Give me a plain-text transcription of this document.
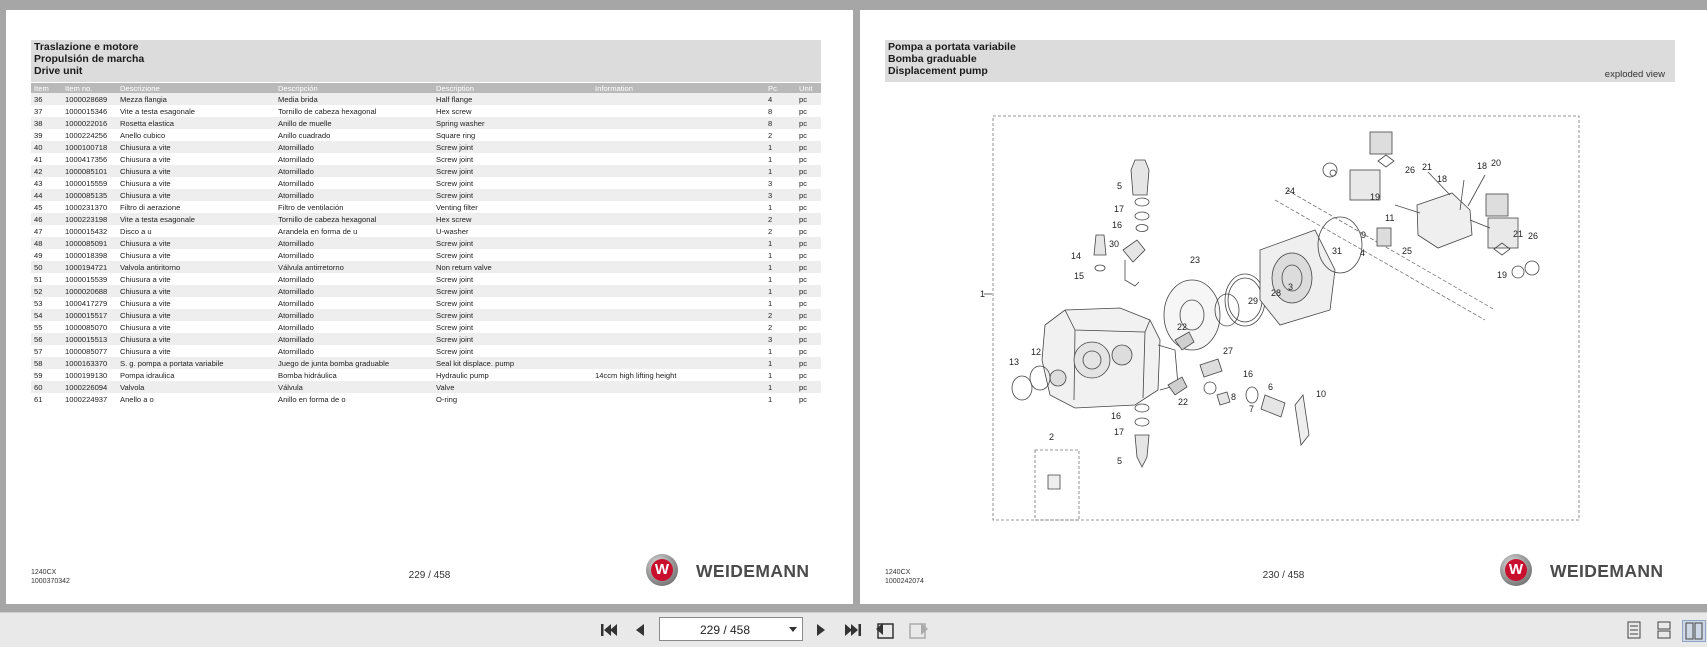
Traslazione e motore
Propulsión de marcha
Drive unit
Item	Item no.	Descrizione	Descripción	Description	Information	Pc.	Unit
36	1000028689	Mezza flangia	Media brida	Half flange		4	pc
37	1000015346	Vite a testa esagonale	Tornillo de cabeza hexagonal	Hex screw		8	pc
38	1000022016	Rosetta elastica	Anillo de muelle	Spring washer		8	pc
39	1000224256	Anello cubico	Anillo cuadrado	Square ring		2	pc
40	1000100718	Chiusura a vite	Atornillado	Screw joint		1	pc
41	1000417356	Chiusura a vite	Atornillado	Screw joint		1	pc
42	1000085101	Chiusura a vite	Atornillado	Screw joint		1	pc
43	1000015559	Chiusura a vite	Atornillado	Screw joint		3	pc
44	1000085135	Chiusura a vite	Atornillado	Screw joint		3	pc
45	1000231370	Filtro di aerazione	Filtro de ventilación	Venting filter		1	pc
46	1000223198	Vite a testa esagonale	Tornillo de cabeza hexagonal	Hex screw		2	pc
47	1000015432	Disco a u	Arandela en forma de u	U-washer		2	pc
48	1000085091	Chiusura a vite	Atornillado	Screw joint		1	pc
49	1000018398	Chiusura a vite	Atornillado	Screw joint		1	pc
50	1000194721	Valvola antiritorno	Válvula antirretorno	Non return valve		1	pc
51	1000015539	Chiusura a vite	Atornillado	Screw joint		1	pc
52	1000020688	Chiusura a vite	Atornillado	Screw joint		1	pc
53	1000417279	Chiusura a vite	Atornillado	Screw joint		1	pc
54	1000015517	Chiusura a vite	Atornillado	Screw joint		2	pc
55	1000085070	Chiusura a vite	Atornillado	Screw joint		2	pc
56	1000015513	Chiusura a vite	Atornillado	Screw joint		3	pc
57	1000085077	Chiusura a vite	Atornillado	Screw joint		1	pc
58	1000163370	S. g. pompa a portata variabile	Juego de junta bomba graduable	Seal kit displace. pump		1	pc
59	1000199130	Pompa idraulica	Bomba hidráulica	Hydraulic pump	14ccm high lifting height	1	pc
60	1000226094	Valvola	Válvula	Valve		1	pc
61	1000224937	Anello a o	Anillo en forma de o	O-ring		1	pc
1240CX
1000370342
229 / 458	W WEIDEMANN
Pompa a portata variabile
Bomba graduable
Displacement pump	exploded view
1
2
3
4
5
5
6
7
8
9
10
11
12
13
14
15
16
16
16
17
17
18
18
19
19
20
21
21
22
22
23
24
25
26
26
27
28
29
30
31
1240CX
1000242074
230 / 458	W WEIDEMANN
229 / 458
